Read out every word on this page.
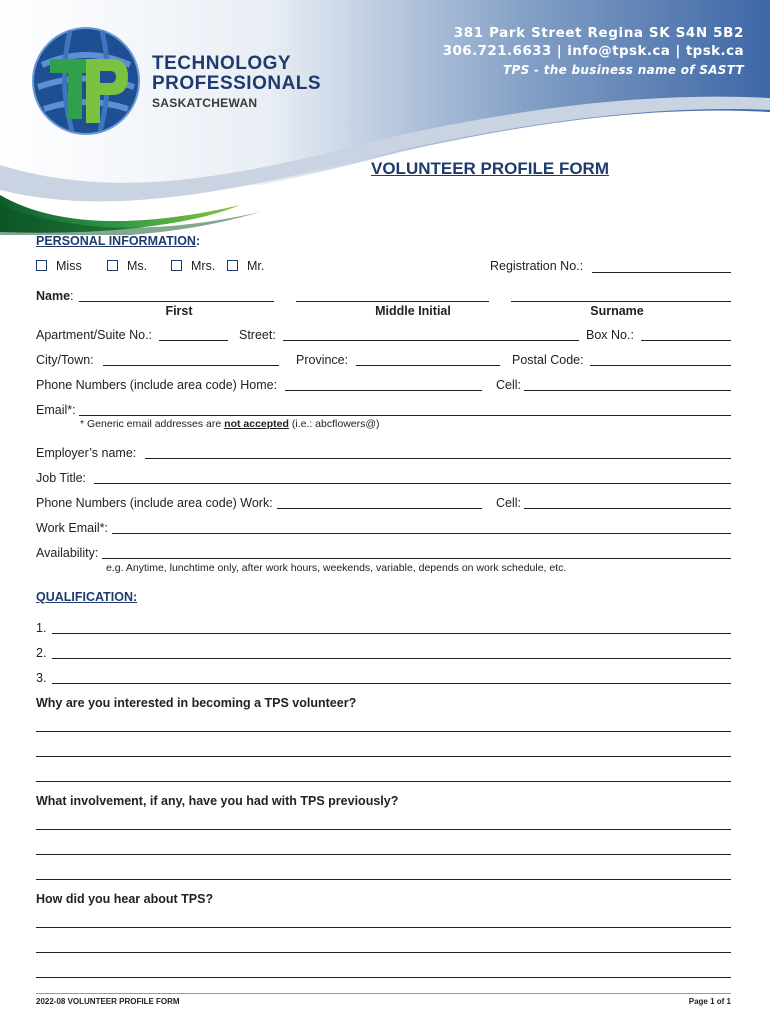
TECHNOLOGY
PROFESSIONALS
SASKATCHEWAN
381 Park Street Regina SK S4N 5B2
306.721.6633 | info@tpsk.ca | tpsk.ca
TPS - the business name of SASTT
VOLUNTEER PROFILE FORM
PERSONAL INFORMATION:
Miss	Ms.	Mrs.	Mr.	Registration No.:
Name:
First	Middle Initial	Surname
Apartment/Suite No.:	Street:	Box No.:
City/Town:	Province:	Postal Code:
Phone Numbers (include area code) Home:	Cell:
Email*:
* Generic email addresses are not accepted (i.e.: abcflowers@)
Employer’s name:
Job Title:
Phone Numbers (include area code) Work:	Cell:
Work Email*:
Availability:
e.g. Anytime, lunchtime only, after work hours, weekends, variable, depends on work schedule, etc.
QUALIFICATION:
1.
2.
3.
Why are you interested in becoming a TPS volunteer?
What involvement, if any, have you had with TPS previously?
How did you hear about TPS?
2022-08 VOLUNTEER PROFILE FORM	Page 1 of 1
